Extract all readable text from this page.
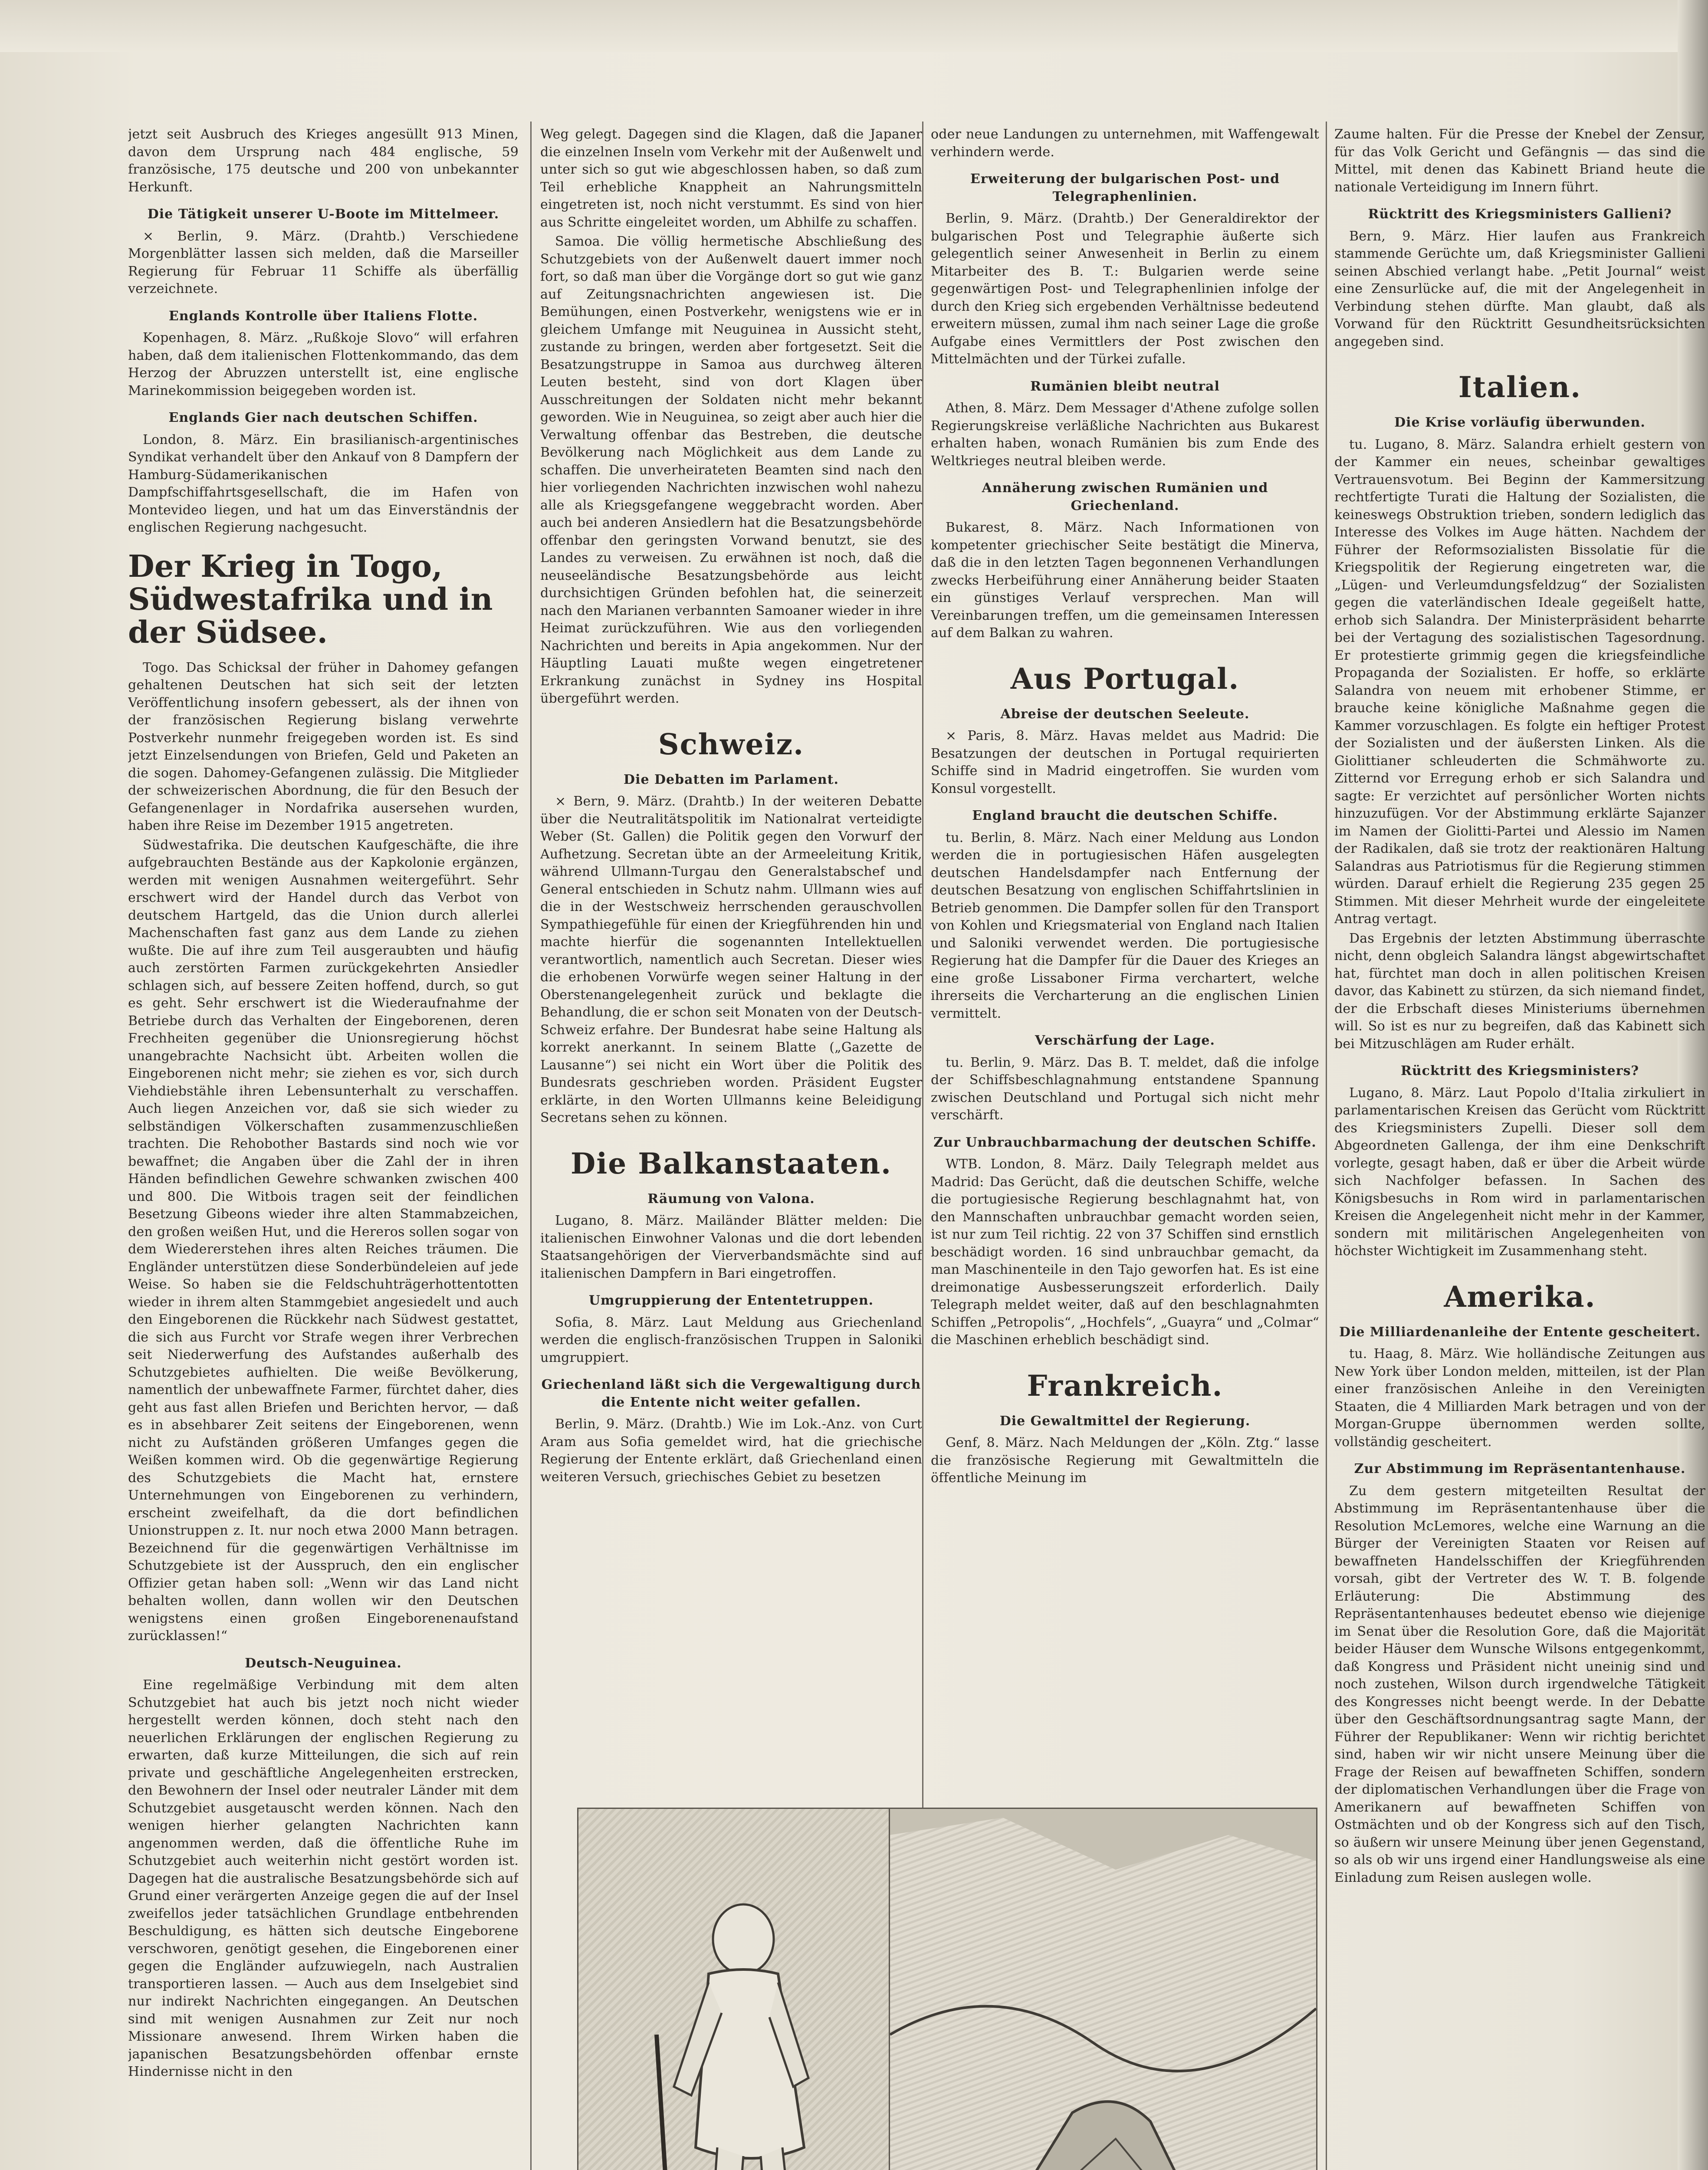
jetzt seit Ausbruch des Krieges angesüllt 913 Minen, davon dem Ursprung nach 484 englische, 59 französische, 175 deutsche und 200 von unbekannter Herkunft.

Die Tätigkeit unserer U-Boote im Mittelmeer.

× Berlin, 9. März. (Drahtb.) Verschiedene Morgenblätter lassen sich melden, daß die Marseiller Regierung für Februar 11 Schiffe als überfällig verzeichnete.

Englands Kontrolle über Italiens Flotte.

Kopenhagen, 8. März. „Rußkoje Slovo“ will erfahren haben, daß dem italienischen Flottenkommando, das dem Herzog der Abruzzen unterstellt ist, eine englische Marinekommission beigegeben worden ist.

Englands Gier nach deutschen Schiffen.

London, 8. März. Ein brasilianisch-argentinisches Syndikat verhandelt über den Ankauf von 8 Dampfern der Hamburg-Südamerikanischen Dampfschiffahrtsgesellschaft, die im Hafen von Montevideo liegen, und hat um das Einverständnis der englischen Regierung nachgesucht.

Der Krieg in Togo, Südwestafrika und in der Südsee.

Togo. Das Schicksal der früher in Dahomey gefangen gehaltenen Deutschen hat sich seit der letzten Veröffentlichung insofern gebessert, als der ihnen von der französischen Regierung bislang verwehrte Postverkehr nunmehr freigegeben worden ist. Es sind jetzt Einzelsendungen von Briefen, Geld und Paketen an die sogen. Dahomey-Gefangenen zulässig. Die Mitglieder der schweizerischen Abordnung, die für den Besuch der Gefangenenlager in Nordafrika ausersehen wurden, haben ihre Reise im Dezember 1915 angetreten.

Südwestafrika. Die deutschen Kaufgeschäfte, die ihre aufgebrauchten Bestände aus der Kapkolonie ergänzen, werden mit wenigen Ausnahmen weitergeführt. Sehr erschwert wird der Handel durch das Verbot von deutschem Hartgeld, das die Union durch allerlei Machenschaften fast ganz aus dem Lande zu ziehen wußte. Die auf ihre zum Teil ausgeraubten und häufig auch zerstörten Farmen zurückgekehrten Ansiedler schlagen sich, auf bessere Zeiten hoffend, durch, so gut es geht. Sehr erschwert ist die Wiederaufnahme der Betriebe durch das Verhalten der Eingeborenen, deren Frechheiten gegenüber die Unionsregierung höchst unangebrachte Nachsicht übt. Arbeiten wollen die Eingeborenen nicht mehr; sie ziehen es vor, sich durch Viehdiebstähle ihren Lebensunterhalt zu verschaffen. Auch liegen Anzeichen vor, daß sie sich wieder zu selbständigen Völkerschaften zusammenzuschließen trachten. Die Rehobother Bastards sind noch wie vor bewaffnet; die Angaben über die Zahl der in ihren Händen befindlichen Gewehre schwanken zwischen 400 und 800. Die Witbois tragen seit der feindlichen Besetzung Gibeons wieder ihre alten Stammabzeichen, den großen weißen Hut, und die Hereros sollen sogar von dem Wiedererstehen ihres alten Reiches träumen. Die Engländer unterstützen diese Sonderbündeleien auf jede Weise. So haben sie die Feldschuhträgerhottentotten wieder in ihrem alten Stammgebiet angesiedelt und auch den Eingeborenen die Rückkehr nach Südwest gestattet, die sich aus Furcht vor Strafe wegen ihrer Verbrechen seit Niederwerfung des Aufstandes außerhalb des Schutzgebietes aufhielten. Die weiße Bevölkerung, namentlich der unbewaffnete Farmer, fürchtet daher, dies geht aus fast allen Briefen und Berichten hervor, — daß es in absehbarer Zeit seitens der Eingeborenen, wenn nicht zu Aufständen größeren Umfanges gegen die Weißen kommen wird. Ob die gegenwärtige Regierung des Schutzgebiets die Macht hat, ernstere Unternehmungen von Eingeborenen zu verhindern, erscheint zweifelhaft, da die dort befindlichen Unionstruppen z. It. nur noch etwa 2000 Mann betragen. Bezeichnend für die gegenwärtigen Verhältnisse im Schutzgebiete ist der Ausspruch, den ein englischer Offizier getan haben soll: „Wenn wir das Land nicht behalten wollen, dann wollen wir den Deutschen wenigstens einen großen Eingeborenenaufstand zurücklassen!“

Deutsch-Neuguinea.

Eine regelmäßige Verbindung mit dem alten Schutzgebiet hat auch bis jetzt noch nicht wieder hergestellt werden können, doch steht nach den neuerlichen Erklärungen der englischen Regierung zu erwarten, daß kurze Mitteilungen, die sich auf rein private und geschäftliche Angelegenheiten erstrecken, den Bewohnern der Insel oder neutraler Länder mit dem Schutzgebiet ausgetauscht werden können. Nach den wenigen hierher gelangten Nachrichten kann angenommen werden, daß die öffentliche Ruhe im Schutzgebiet auch weiterhin nicht gestört worden ist. Dagegen hat die australische Besatzungsbehörde sich auf Grund einer verärgerten Anzeige gegen die auf der Insel zweifellos jeder tatsächlichen Grundlage entbehrenden Beschuldigung, es hätten sich deutsche Eingeborene verschworen, genötigt gesehen, die Eingeborenen einer gegen die Engländer aufzuwiegeln, nach Australien transportieren lassen. — Auch aus dem Inselgebiet sind nur indirekt Nachrichten eingegangen. An Deutschen sind mit wenigen Ausnahmen zur Zeit nur noch Missionare anwesend. Ihrem Wirken haben die japanischen Besatzungsbehörden offenbar ernste Hindernisse nicht in den

Weg gelegt. Dagegen sind die Klagen, daß die Japaner die einzelnen Inseln vom Verkehr mit der Außenwelt und unter sich so gut wie abgeschlossen haben, so daß zum Teil erhebliche Knappheit an Nahrungsmitteln eingetreten ist, noch nicht verstummt. Es sind von hier aus Schritte eingeleitet worden, um Abhilfe zu schaffen.

Samoa. Die völlig hermetische Abschließung des Schutzgebiets von der Außenwelt dauert immer noch fort, so daß man über die Vorgänge dort so gut wie ganz auf Zeitungsnachrichten angewiesen ist. Die Bemühungen, einen Postverkehr, wenigstens wie er in gleichem Umfange mit Neuguinea in Aussicht steht, zustande zu bringen, werden aber fortgesetzt. Seit die Besatzungstruppe in Samoa aus durchweg älteren Leuten besteht, sind von dort Klagen über Ausschreitungen der Soldaten nicht mehr bekannt geworden. Wie in Neuguinea, so zeigt aber auch hier die Verwaltung offenbar das Bestreben, die deutsche Bevölkerung nach Möglichkeit aus dem Lande zu schaffen. Die unverheirateten Beamten sind nach den hier vorliegenden Nachrichten inzwischen wohl nahezu alle als Kriegsgefangene weggebracht worden. Aber auch bei anderen Ansiedlern hat die Besatzungsbehörde offenbar den geringsten Vorwand benutzt, sie des Landes zu verweisen. Zu erwähnen ist noch, daß die neuseeländische Besatzungsbehörde aus leicht durchsichtigen Gründen befohlen hat, die seinerzeit nach den Marianen verbannten Samoaner wieder in ihre Heimat zurückzuführen. Wie aus den vorliegenden Nachrichten und bereits in Apia angekommen. Nur der Häuptling Lauati mußte wegen eingetretener Erkrankung zunächst in Sydney ins Hospital übergeführt werden.

Schweiz.
Die Debatten im Parlament.

× Bern, 9. März. (Drahtb.) In der weiteren Debatte über die Neutralitätspolitik im Nationalrat verteidigte Weber (St. Gallen) die Politik gegen den Vorwurf der Aufhetzung. Secretan übte an der Armeeleitung Kritik, während Ullmann-Turgau den Generalstabschef und General entschieden in Schutz nahm. Ullmann wies auf die in der Westschweiz herrschenden gerauschvollen Sympathiegefühle für einen der Kriegführenden hin und machte hierfür die sogenannten Intellektuellen verantwortlich, namentlich auch Secretan. Dieser wies die erhobenen Vorwürfe wegen seiner Haltung in der Oberstenangelegenheit zurück und beklagte die Behandlung, die er schon seit Monaten von der Deutsch-Schweiz erfahre. Der Bundesrat habe seine Haltung als korrekt anerkannt. In seinem Blatte („Gazette de Lausanne“) sei nicht ein Wort über die Politik des Bundesrats geschrieben worden. Präsident Eugster erklärte, in den Worten Ullmanns keine Beleidigung Secretans sehen zu können.

Die Balkanstaaten.
Räumung von Valona.

Lugano, 8. März. Mailänder Blätter melden: Die italienischen Einwohner Valonas und die dort lebenden Staatsangehörigen der Vierverbandsmächte sind auf italienischen Dampfern in Bari eingetroffen.

Umgruppierung der Ententetruppen.

Sofia, 8. März. Laut Meldung aus Griechenland werden die englisch-französischen Truppen in Saloniki umgruppiert.

Griechenland läßt sich die Vergewaltigung durch die Entente nicht weiter gefallen.

Berlin, 9. März. (Drahtb.) Wie im Lok.-Anz. von Curt Aram aus Sofia gemeldet wird, hat die griechische Regierung der Entente erklärt, daß Griechenland einen weiteren Versuch, griechisches Gebiet zu besetzen

oder neue Landungen zu unternehmen, mit Waffengewalt verhindern werde.

Erweiterung der bulgarischen Post- und Telegraphenlinien.

Berlin, 9. März. (Drahtb.) Der Generaldirektor der bulgarischen Post und Telegraphie äußerte sich gelegentlich seiner Anwesenheit in Berlin zu einem Mitarbeiter des B. T.: Bulgarien werde seine gegenwärtigen Post- und Telegraphenlinien infolge der durch den Krieg sich ergebenden Verhältnisse bedeutend erweitern müssen, zumal ihm nach seiner Lage die große Aufgabe eines Vermittlers der Post zwischen den Mittelmächten und der Türkei zufalle.

Rumänien bleibt neutral

Athen, 8. März. Dem Messager d'Athene zufolge sollen Regierungskreise verläßliche Nachrichten aus Bukarest erhalten haben, wonach Rumänien bis zum Ende des Weltkrieges neutral bleiben werde.

Annäherung zwischen Rumänien und Griechenland.

Bukarest, 8. März. Nach Informationen von kompetenter griechischer Seite bestätigt die Minerva, daß die in den letzten Tagen begonnenen Verhandlungen zwecks Herbeiführung einer Annäherung beider Staaten ein günstiges Verlauf versprechen. Man will Vereinbarungen treffen, um die gemeinsamen Interessen auf dem Balkan zu wahren.

Aus Portugal.
Abreise der deutschen Seeleute.

× Paris, 8. März. Havas meldet aus Madrid: Die Besatzungen der deutschen in Portugal requirierten Schiffe sind in Madrid eingetroffen. Sie wurden vom Konsul vorgestellt.

England braucht die deutschen Schiffe.

tu. Berlin, 8. März. Nach einer Meldung aus London werden die in portugiesischen Häfen ausgelegten deutschen Handelsdampfer nach Entfernung der deutschen Besatzung von englischen Schiffahrtslinien in Betrieb genommen. Die Dampfer sollen für den Transport von Kohlen und Kriegsmaterial von England nach Italien und Saloniki verwendet werden. Die portugiesische Regierung hat die Dampfer für die Dauer des Krieges an eine große Lissaboner Firma verchartert, welche ihrerseits die Vercharterung an die englischen Linien vermittelt.

Verschärfung der Lage.

tu. Berlin, 9. März. Das B. T. meldet, daß die infolge der Schiffsbeschlagnahmung entstandene Spannung zwischen Deutschland und Portugal sich nicht mehr verschärft.

Zur Unbrauchbarmachung der deutschen Schiffe.

WTB. London, 8. März. Daily Telegraph meldet aus Madrid: Das Gerücht, daß die deutschen Schiffe, welche die portugiesische Regierung beschlagnahmt hat, von den Mannschaften unbrauchbar gemacht worden seien, ist nur zum Teil richtig. 22 von 37 Schiffen sind ernstlich beschädigt worden. 16 sind unbrauchbar gemacht, da man Maschinenteile in den Tajo geworfen hat. Es ist eine dreimonatige Ausbesserungszeit erforderlich. Daily Telegraph meldet weiter, daß auf den beschlagnahmten Schiffen „Petropolis“, „Hochfels“, „Guayra“ und „Colmar“ die Maschinen erheblich beschädigt sind.

Frankreich.
Die Gewaltmittel der Regierung.

Genf, 8. März. Nach Meldungen der „Köln. Ztg.“ lasse die französische Regierung mit Gewaltmitteln die öffentliche Meinung im

Zaume halten. Für die Presse der Knebel der Zensur, für das Volk Gericht und Gefängnis — das sind die Mittel, mit denen das Kabinett Briand heute die nationale Verteidigung im Innern führt.

Rücktritt des Kriegsministers Gallieni?

Bern, 9. März. Hier laufen aus Frankreich stammende Gerüchte um, daß Kriegsminister Gallieni seinen Abschied verlangt habe. „Petit Journal“ weist eine Zensurlücke auf, die mit der Angelegenheit in Verbindung stehen dürfte. Man glaubt, daß als Vorwand für den Rücktritt Gesundheitsrücksichten angegeben sind.

Italien.
Die Krise vorläufig überwunden.

tu. Lugano, 8. März. Salandra erhielt gestern von der Kammer ein neues, scheinbar gewaltiges Vertrauensvotum. Bei Beginn der Kammersitzung rechtfertigte Turati die Haltung der Sozialisten, die keineswegs Obstruktion trieben, sondern lediglich das Interesse des Volkes im Auge hätten. Nachdem der Führer der Reformsozialisten Bissolatie für die Kriegspolitik der Regierung eingetreten war, die „Lügen- und Verleumdungsfeldzug“ der Sozialisten gegen die vaterländischen Ideale gegeißelt hatte, erhob sich Salandra. Der Ministerpräsident beharrte bei der Vertagung des sozialistischen Tagesordnung. Er protestierte grimmig gegen die kriegsfeindliche Propaganda der Sozialisten. Er hoffe, so erklärte Salandra von neuem mit erhobener Stimme, er brauche keine königliche Maßnahme gegen die Kammer vorzuschlagen. Es folgte ein heftiger Protest der Sozialisten und der äußersten Linken. Als die Giolittianer schleuderten die Schmähworte zu. Zitternd vor Erregung erhob er sich Salandra und sagte: Er verzichtet auf persönlicher Worten nichts hinzuzufügen. Vor der Abstimmung erklärte Sajanzer im Namen der Giolitti-Partei und Alessio im Namen der Radikalen, daß sie trotz der reaktionären Haltung Salandras aus Patriotismus für die Regierung stimmen würden. Darauf erhielt die Regierung 235 gegen 25 Stimmen. Mit dieser Mehrheit wurde der eingeleitete Antrag vertagt.

Das Ergebnis der letzten Abstimmung überraschte nicht, denn obgleich Salandra längst abgewirtschaftet hat, fürchtet man doch in allen politischen Kreisen davor, das Kabinett zu stürzen, da sich niemand findet, der die Erbschaft dieses Ministeriums übernehmen will. So ist es nur zu begreifen, daß das Kabinett sich bei Mitzuschlägen am Ruder erhält.

Rücktritt des Kriegsministers?

Lugano, 8. März. Laut Popolo d'Italia zirkuliert in parlamentarischen Kreisen das Gerücht vom Rücktritt des Kriegsministers Zupelli. Dieser soll dem Abgeordneten Gallenga, der ihm eine Denkschrift vorlegte, gesagt haben, daß er über die Arbeit würde sich Nachfolger befassen. In Sachen des Königsbesuchs in Rom wird in parlamentarischen Kreisen die Angelegenheit nicht mehr in der Kammer, sondern mit militärischen Angelegenheiten von höchster Wichtigkeit im Zusammenhang steht.

Amerika.
Die Milliardenanleihe der Entente gescheitert.

tu. Haag, 8. März. Wie holländische Zeitungen aus New York über London melden, mitteilen, ist der Plan einer französischen Anleihe in den Vereinigten Staaten, die 4 Milliarden Mark betragen und von der Morgan-Gruppe übernommen werden sollte, vollständig gescheitert.

Zur Abstimmung im Repräsentantenhause.

Zu dem gestern mitgeteilten Resultat der Abstimmung im Repräsentantenhause über die Resolution McLemores, welche eine Warnung an die Bürger der Vereinigten Staaten vor Reisen auf bewaffneten Handelsschiffen der Kriegführenden vorsah, gibt der Vertreter des W. T. B. folgende Erläuterung: Die Abstimmung des Repräsentantenhauses bedeutet ebenso wie diejenige im Senat über die Resolution Gore, daß die Majorität beider Häuser dem Wunsche Wilsons entgegenkommt, daß Kongress und Präsident nicht uneinig sind und noch zustehen, Wilson durch irgendwelche Tätigkeit des Kongresses nicht beengt werde. In der Debatte über den Geschäftsordnungsantrag sagte Mann, der Führer der Republikaner: Wenn wir richtig berichtet sind, haben wir wir nicht unsere Meinung über die Frage der Reisen auf bewaffneten Schiffen, sondern der diplomatischen Verhandlungen über die Frage von Amerikanern auf bewaffneten Schiffen von Ostmächten und ob der Kongress sich auf den Tisch, so äußern wir unsere Meinung über jenen Gegenstand, so als ob wir uns irgend einer Handlungsweise als eine Einladung zum Reisen auslegen wolle.
